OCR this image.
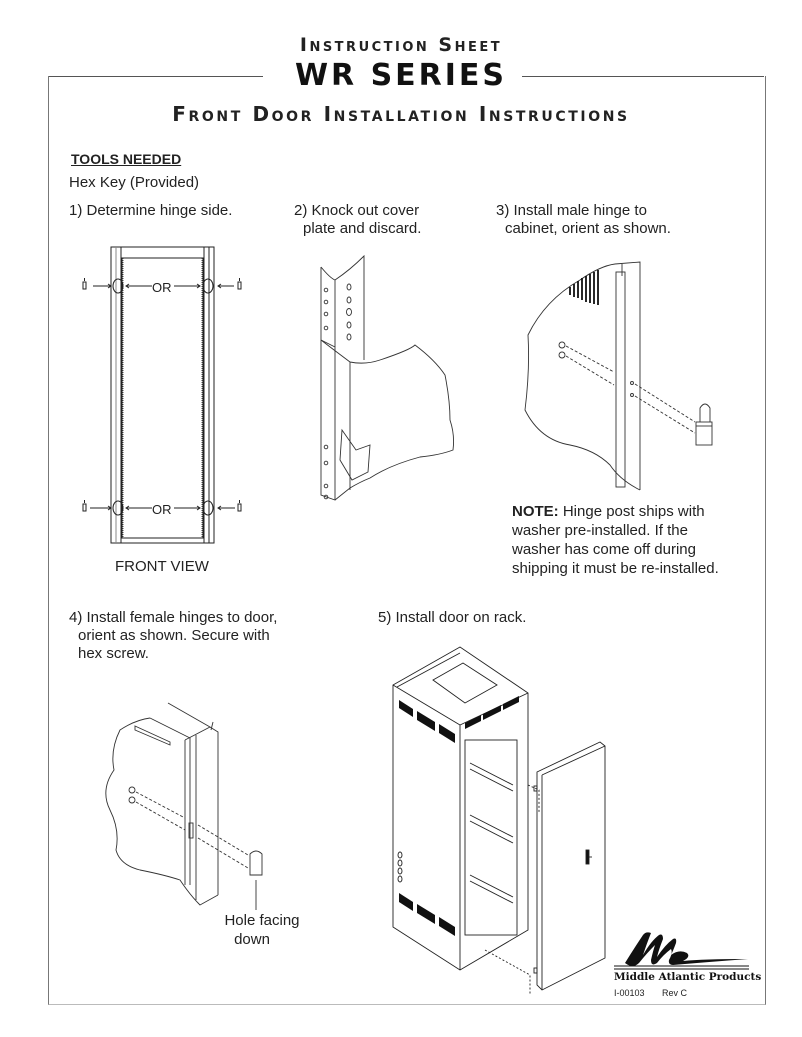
Instruction Sheet
WR SERIES
Front Door Installation Instructions
TOOLS NEEDED
Hex Key (Provided)
1) Determine hinge side.
OR
OR
FRONT VIEW
2) Knock out cover
plate and discard.
3) Install male hinge to
cabinet, orient as shown.
NOTE: Hinge post ships with
washer pre-installed. If the
washer has come off during
shipping it must be re-installed.
4) Install female hinges to door,
orient as shown. Secure with
hex screw.
Hole facing
down
5) Install door on rack.
Middle Atlantic Products
I-00103 Rev C
